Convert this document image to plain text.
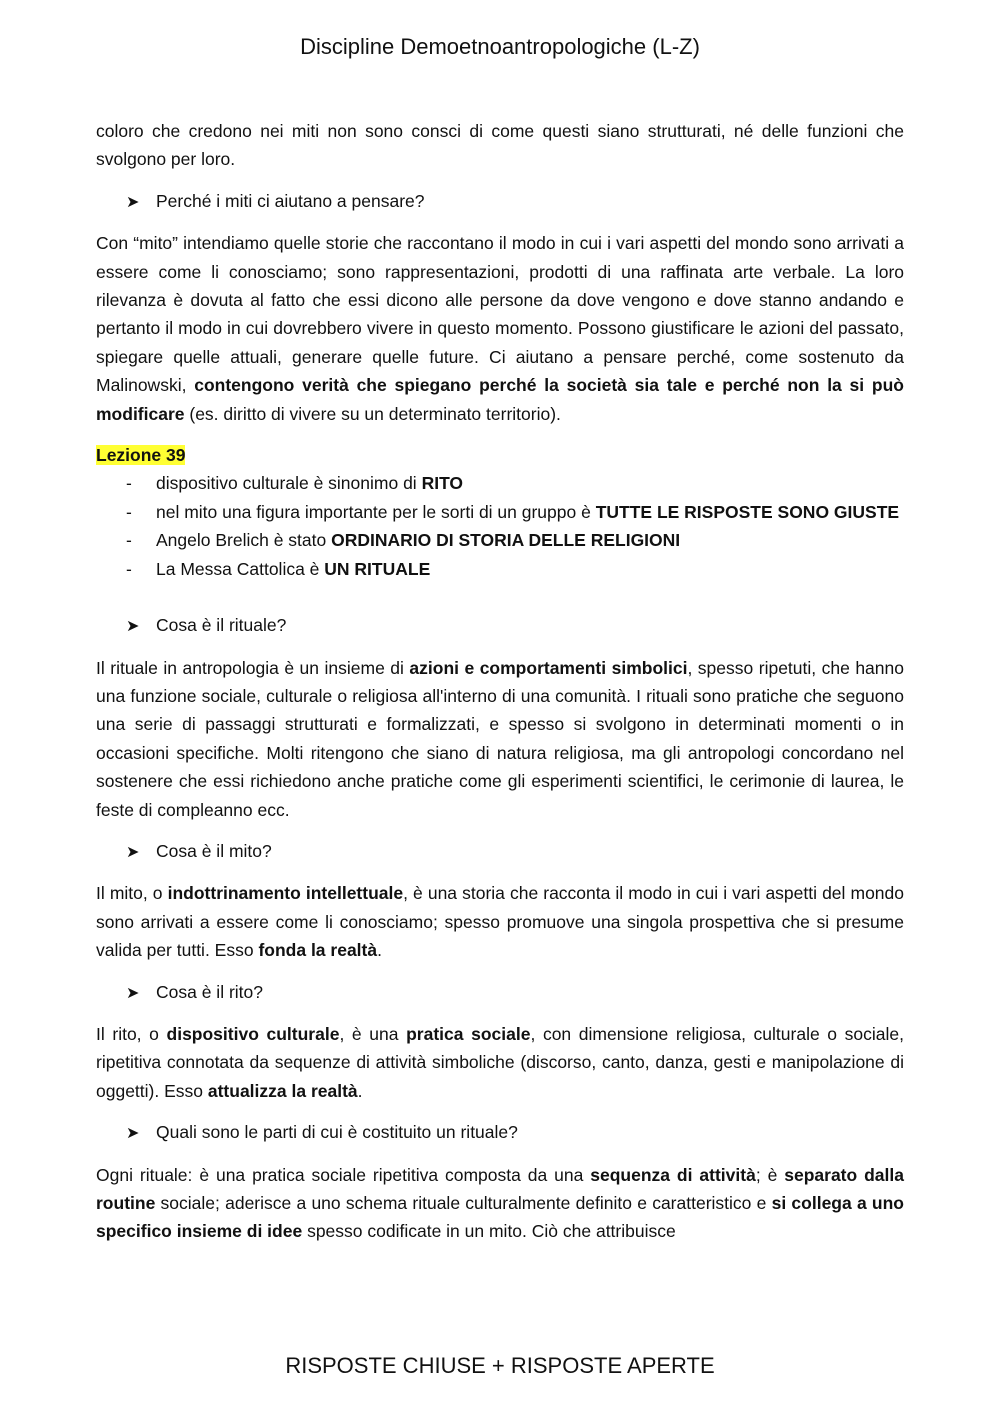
Discipline Demoetnoantropologiche (L-Z)

coloro che credono nei miti non sono consci di come questi siano strutturati, né delle funzioni che svolgono per loro.

➤ Perché i miti ci aiutano a pensare?

Con “mito” intendiamo quelle storie che raccontano il modo in cui i vari aspetti del mondo sono arrivati a essere come li conosciamo; sono rappresentazioni, prodotti di una raffinata arte verbale. La loro rilevanza è dovuta al fatto che essi dicono alle persone da dove vengono e dove stanno andando e pertanto il modo in cui dovrebbero vivere in questo momento. Possono giustificare le azioni del passato, spiegare quelle attuali, generare quelle future. Ci aiutano a pensare perché, come sostenuto da Malinowski, contengono verità che spiegano perché la società sia tale e perché non la si può modificare (es. diritto di vivere su un determinato territorio).

Lezione 39

-	dispositivo culturale è sinonimo di RITO
-	nel mito una figura importante per le sorti di un gruppo è TUTTE LE RISPOSTE SONO GIUSTE
-	Angelo Brelich è stato ORDINARIO DI STORIA DELLE RELIGIONI
-	La Messa Cattolica è UN RITUALE
➤ Cosa è il rituale?

Il rituale in antropologia è un insieme di azioni e comportamenti simbolici, spesso ripetuti, che hanno una funzione sociale, culturale o religiosa all'interno di una comunità. I rituali sono pratiche che seguono una serie di passaggi strutturati e formalizzati, e spesso si svolgono in determinati momenti o in occasioni specifiche. Molti ritengono che siano di natura religiosa, ma gli antropologi concordano nel sostenere che essi richiedono anche pratiche come gli esperimenti scientifici, le cerimonie di laurea, le feste di compleanno ecc.

➤ Cosa è il mito?

Il mito, o indottrinamento intellettuale, è una storia che racconta il modo in cui i vari aspetti del mondo sono arrivati a essere come li conosciamo; spesso promuove una singola prospettiva che si presume valida per tutti. Esso fonda la realtà.

➤ Cosa è il rito?

Il rito, o dispositivo culturale, è una pratica sociale, con dimensione religiosa, culturale o sociale, ripetitiva connotata da sequenze di attività simboliche (discorso, canto, danza, gesti e manipolazione di oggetti). Esso attualizza la realtà.

➤ Quali sono le parti di cui è costituito un rituale?

Ogni rituale: è una pratica sociale ripetitiva composta da una sequenza di attività; è separato dalla routine sociale; aderisce a uno schema rituale culturalmente definito e caratteristico e si collega a uno specifico insieme di idee spesso codificate in un mito. Ciò che attribuisce

RISPOSTE CHIUSE + RISPOSTE APERTE
